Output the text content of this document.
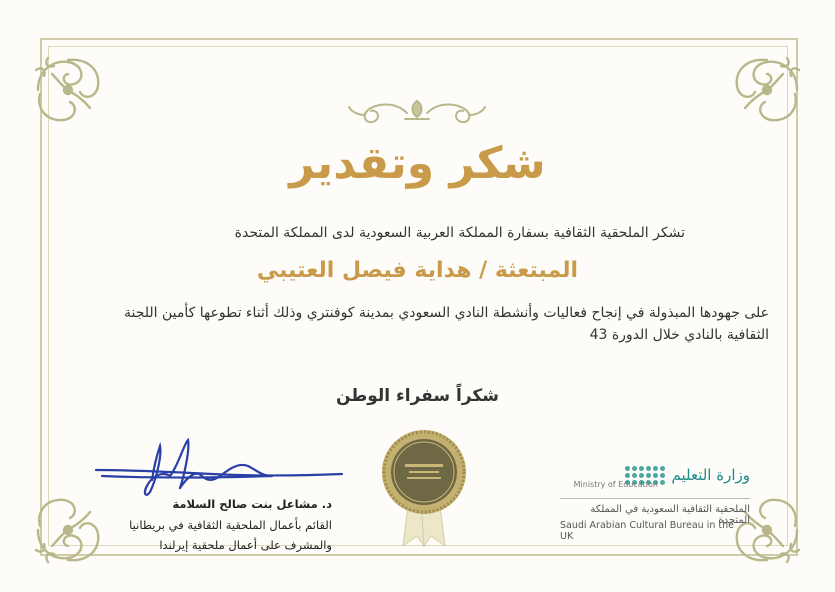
شكر وتقدير
تشكر الملحقية الثقافية بسفارة المملكة العربية السعودية لدى المملكة المتحدة
المبتعثة / هداية فيصل العتيبي
على جهودها المبذولة في إنجاح فعاليات وأنشطة النادي السعودي بمدينة كوفنتري وذلك أثناء تطوعها كأمين اللجنة
الثقافية بالنادي خلال الدورة 43
شكراً سفراء الوطن
وزارة التعليم
Ministry of Education
الملحقية الثقافية السعودية في المملكة المتحدة
Saudi Arabian Cultural Bureau in the UK
د. مشاعل بنت صالح السلامة
القائم بأعمال الملحقية الثقافية في بريطانيا
والمشرف على أعمال ملحقية إيرلندا
